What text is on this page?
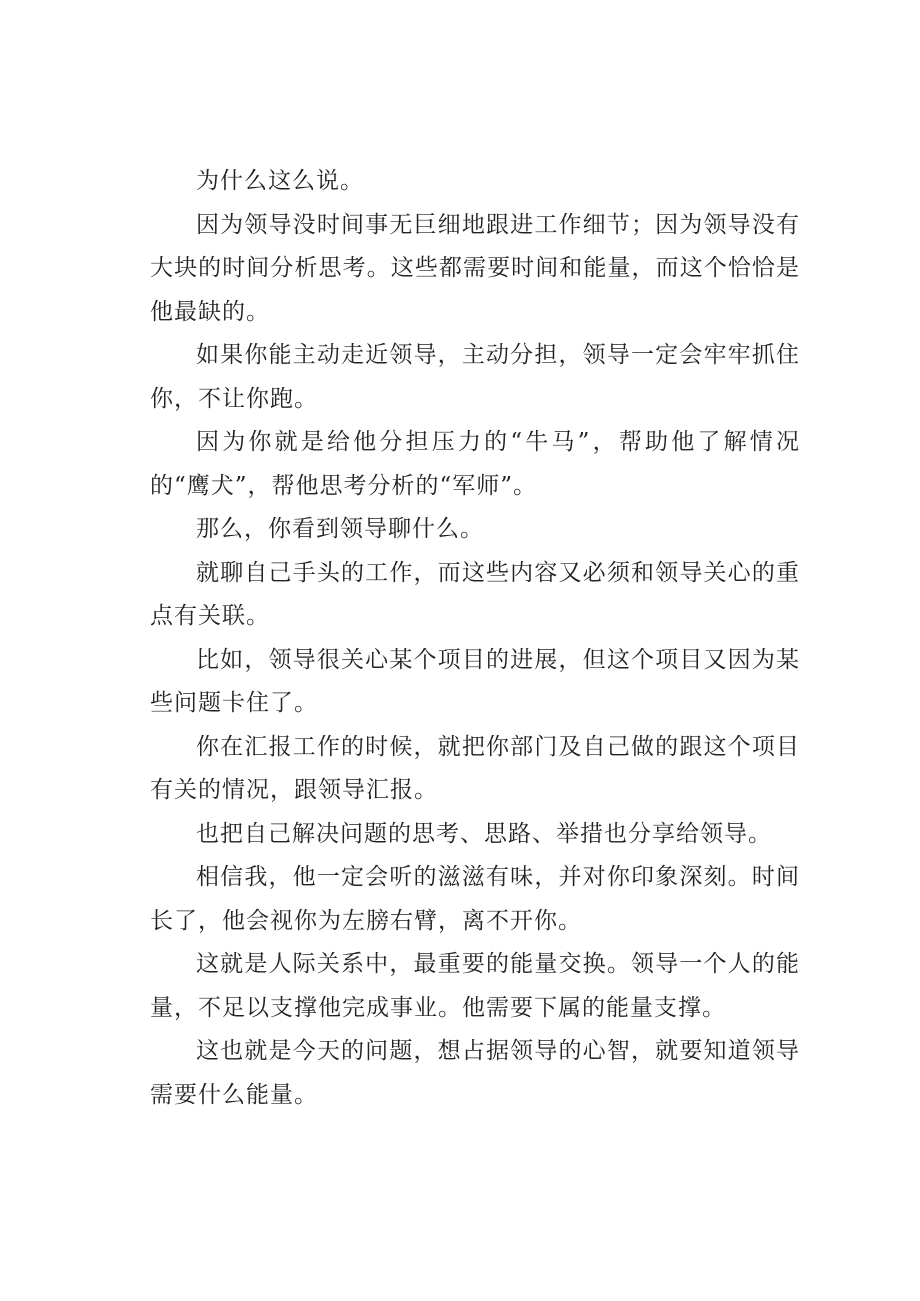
为什么这么说。

因为领导没时间事无巨细地跟进工作细节；因为领导没有大块的时间分析思考。这些都需要时间和能量，而这个恰恰是他最缺的。

如果你能主动走近领导，主动分担，领导一定会牢牢抓住你，不让你跑。

因为你就是给他分担压力的“牛马”，帮助他了解情况的“鹰犬”，帮他思考分析的“军师”。

那么，你看到领导聊什么。

就聊自己手头的工作，而这些内容又必须和领导关心的重点有关联。

比如，领导很关心某个项目的进展，但这个项目又因为某些问题卡住了。

你在汇报工作的时候，就把你部门及自己做的跟这个项目有关的情况，跟领导汇报。

也把自己解决问题的思考、思路、举措也分享给领导。

相信我，他一定会听的滋滋有味，并对你印象深刻。时间长了，他会视你为左膀右臂，离不开你。

这就是人际关系中，最重要的能量交换。领导一个人的能量，不足以支撑他完成事业。他需要下属的能量支撑。

这也就是今天的问题，想占据领导的心智，就要知道领导需要什么能量。
